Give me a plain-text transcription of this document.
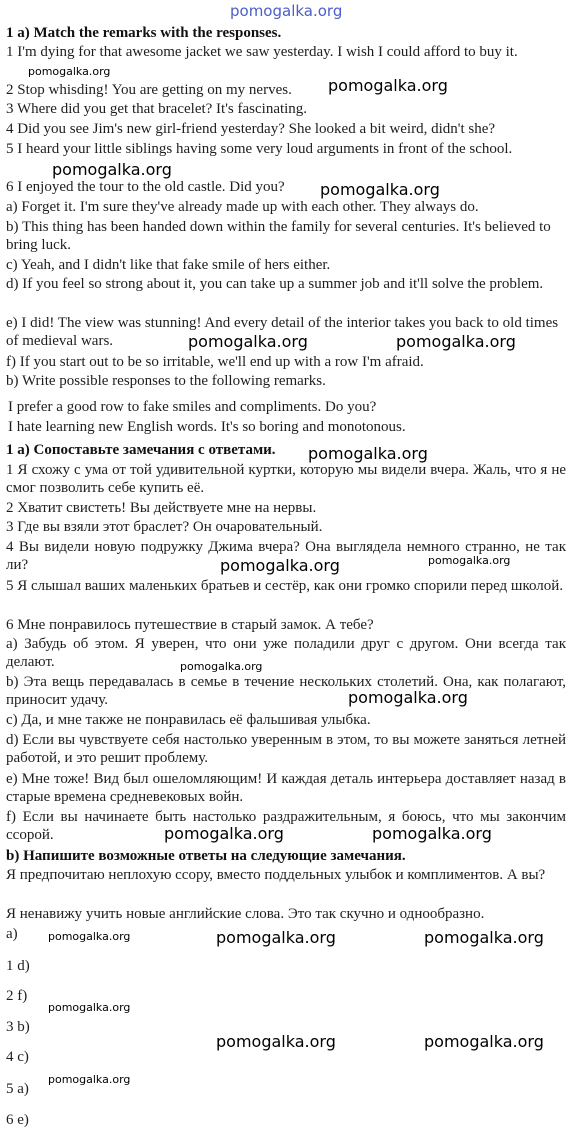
pomogalka.org
1 a) Match the remarks with the responses.
1 I'm dying for that awesome jacket we saw yesterday. I wish I could afford to buy it.
2 Stop whisding! You are getting on my nerves.
3 Where did you get that bracelet? It's fascinating.
4 Did you see Jim's new girl-friend yesterday? She looked a bit weird, didn't she?
5 I heard your little siblings having some very loud arguments in front of the school.
6 I enjoyed the tour to the old castle. Did you?
a) Forget it. I'm sure they've already made up with each other. They always do.
b) This thing has been handed down within the family for several centuries. It's believed to bring luck.
c) Yeah, and I didn't like that fake smile of hers either.
d) If you feel so strong about it, you can take up a summer job and it'll solve the problem.
e) I did! The view was stunning! And every detail of the interior takes you back to old times of medieval wars.
f) If you start out to be so irritable, we'll end up with a row I'm afraid.
b) Write possible responses to the following remarks.
I prefer a good row to fake smiles and compliments. Do you?
I hate learning new English words. It's so boring and monotonous.
1 а) Сопоставьте замечания с ответами.
1 Я схожу с ума от той удивительной куртки, которую мы видели вчера. Жаль, что я не смог позволить себе купить её.
2 Хватит свистеть! Вы действуете мне на нервы.
3 Где вы взяли этот браслет? Он очаровательный.
4 Вы видели новую подружку Джима вчера? Она выглядела немного странно, не так ли?
5 Я слышал ваших маленьких братьев и сестёр, как они громко спорили перед школой.
6 Мне понравилось путешествие в старый замок. А тебе?
а) Забудь об этом. Я уверен, что они уже поладили друг с другом. Они всегда так делают.
b) Эта вещь передавалась в семье в течение нескольких столетий. Она, как полагают, приносит удачу.
с) Да, и мне также не понравилась её фальшивая улыбка.
d) Если вы чувствуете себя настолько уверенным в этом, то вы можете заняться летней работой, и это решит проблему.
е) Мне тоже! Вид был ошеломляющим! И каждая деталь интерьера доставляет назад в старые времена средневековых войн.
f) Если вы начинаете быть настолько раздражительным, я боюсь, что мы закончим ссорой.
b) Напишите возможные ответы на следующие замечания.
Я предпочитаю неплохую ссору, вместо поддельных улыбок и комплиментов. А вы?
Я ненавижу учить новые английские слова. Это так скучно и однообразно.
а)
1 d)
2 f)
3 b)
4 c)
5 a)
6 e)
pomogalka.org
pomogalka.org
pomogalka.org
pomogalka.org
pomogalka.org	pomogalka.org
pomogalka.org
pomogalka.org	pomogalka.org
pomogalka.org
pomogalka.org
pomogalka.org	pomogalka.org
pomogalka.org	pomogalka.org	pomogalka.org
pomogalka.org
pomogalka.org	pomogalka.org
pomogalka.org
